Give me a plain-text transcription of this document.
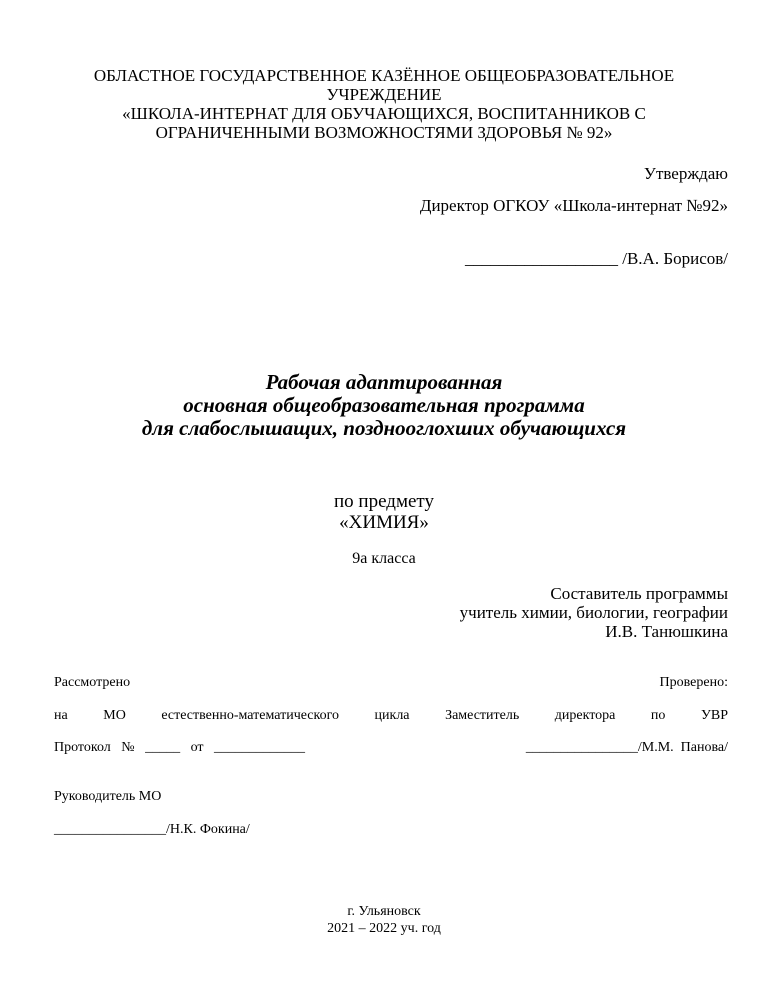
ОБЛАСТНОЕ ГОСУДАРСТВЕННОЕ КАЗЁННОЕ ОБЩЕОБРАЗОВАТЕЛЬНОЕ
УЧРЕЖДЕНИЕ
«ШКОЛА-ИНТЕРНАТ ДЛЯ ОБУЧАЮЩИХСЯ, ВОСПИТАННИКОВ С
ОГРАНИЧЕННЫМИ ВОЗМОЖНОСТЯМИ ЗДОРОВЬЯ № 92»
Утверждаю
Директор ОГКОУ «Школа-интернат №92»
__________________ /В.А. Борисов/
Рабочая адаптированная
основная общеобразовательная программа
для слабослышащих, позднооглохших обучающихся
по предмету
«ХИМИЯ»
9а класса
Составитель программы
учитель химии, биологии, географии
И.В. Танюшкина
Рассмотрено	Проверено:
на	МО	естественно-математического	цикла	Заместитель	директора	по	УВР
Протокол   №   _____   от   _____________	________________/М.М.  Панова/
Руководитель МО
________________/Н.К. Фокина/
г. Ульяновск
2021 – 2022 уч. год
